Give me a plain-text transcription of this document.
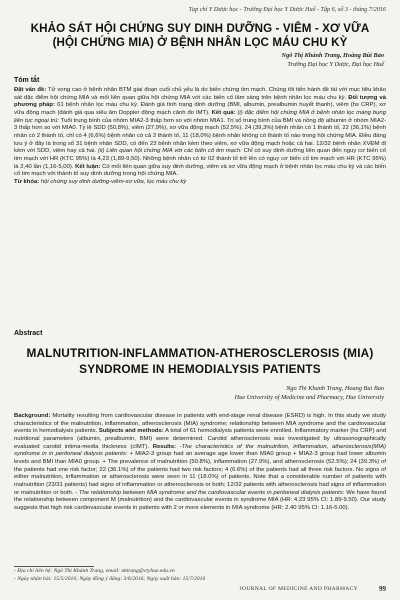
Tạp chí Y Dược học - Trường Đại học Y Dược Huế - Tập 6, số 3 - tháng 7/2016
KHẢO SÁT HỘI CHỨNG SUY DINH DƯỠNG - VIÊM - XƠ VỮA
(HỘI CHỨNG MIA) Ở BỆNH NHÂN LỌC MÁU CHU KỲ
Ngô Thị Khánh Trang, Hoàng Bùi Bảo
Trường Đại học Y Dược, Đại học Huế
Tóm tắt
Đặt vấn đề: Tử vong cao ở bệnh nhân BTM giai đoạn cuối chủ yếu là do biến chứng tim mạch. Chúng tôi tiến hành đề tài với mục tiêu khảo sát đặc điểm hội chứng MIA và mối liên quan giữa hội chứng MIA với các biến cố lâm sàng trên bệnh nhân lọc máu chu kỳ. Đối tượng và phương pháp: 61 bệnh nhân lọc máu chu kỳ. Đánh giá tình trạng dinh dưỡng (BMI, albumin, prealbumin huyết thanh), viêm (hs CRP), xơ vữa động mạch (đánh giá qua siêu âm Doppler động mạch cảnh đo IMT). Kết quả: (i) đặc điểm hội chứng MIA ở bệnh nhân lọc máng bụng liên tục ngoại trú: Tuổi trung bình của nhóm MIA2-3 thấp hơn so với nhóm MIA1. Trị số trung bình của BMI và nồng độ albumin ở nhóm MIA2-3 thấp hơn so với MIA0. Tỷ lệ SDD (50,8%), viêm (27,9%), xơ vữa động mạch (52,5%). 24 (39,3%) bệnh nhân có 1 thành tố, 22 (36,1%) bệnh nhân có 2 thành tố, chỉ có 4 (6,6%) bệnh nhân có cả 3 thành tố, 11 (18,0%) bệnh nhân không có thành tố nào trong hội chứng MIA. Điều đáng lưu ý ở đây là trong số 31 bệnh nhân SDD, có đến 23 bệnh nhân kèm theo viêm, xơ vữa động mạch hoặc cả hai. 12/32 bệnh nhân XVĐM đi kèm với SDD, viêm hay cả hai. (ii) Liên quan hội chứng MIA với các biến cố tim mạch: Chỉ có suy dinh dưỡng liên quan đến nguy cơ biến cố tim mạch với HR (KTC 95%) là 4,23 (1,89-9,50). Những bệnh nhân có từ 02 thành tố trở lên có nguy cơ biến cố tim mạch với HR (KTC 95%) là 2,40 lần (1,16-5,00). Kết luận: Có mối liên quan giữa suy dinh dưỡng, viêm và xơ vữa động mạch ở bệnh nhân lọc máu chu kỳ và các biến cố tim mạch với thành tố suy dinh dưỡng trong hội chứng MIA.
Từ khóa: hội chứng suy dinh dưỡng-viêm-xơ vữa, lọc máu chu kỳ
Abstract
MALNUTRITION-INFLAMMATION-ATHEROSCLEROSIS (MIA)
SYNDROME IN HEMODIALYSIS PATIENTS
Ngo Thi Khanh Trang, Hoang Bui Bao
Hue University of Medicine and Pharmacy, Hue University
Background: Mortality resulting from cardiovascular disease in patients with end-stage renal disease (ESRD) is high. In this study we study characteristics of the malnutrition, inflammation, atherosclerosis (MIA) syndrome; relationship between MIA syndrome and the cardiovascular events in hemodialysis patients. Subjects and methods: A total of 61 hemodialysis patients were enrolled. Inflammatory marker (hs CRP) and nutritional parameters (albumin, prealbumin, BMI) were determined. Carotid atherosclerosis was investigated by ultrasonographically evaluated carotid intima-media thickness (cIMT). Results: -The characteristics of the malnutrition, inflammation, atherosclerosis(MIA) syndrome in in peritoneal dialysis patients: + MIA2-3 group had an average age lower than MIA0 group + MIA2-3 group had lower albumin levels and BMI than MIA0 group. + The prevalence of malnutrition (50.8%), inflammation (27.9%), and atherosclerosis (52.5%); 24 (39.3%) of the patients had one risk factor; 22 (36.1%) of the patients had two risk factors; 4 (6.6%) of the patients had all three risk factors. No signs of either malnutrition, inflammation or atherosclerosis were seen in 11 (18.0%) of patients. Note that a considerable number of patients with malnutrition (23/31 patients) had signs of inflammation or atherosclerosis or both; 12/32 patients with atherosclerosis had signs of inflammation or malnutrition or both. - The relationship between MIA syndrome and the cardiovascular events in peritoneal dialysis patients: We have found the relationship between component M (malnutrition) and the cardiovascular events in syndrome MIA (HR: 4.23 95% CI: 1.89-9.50). Our study suggests that high risk cardiovascular events in patients with 2 or more elements in MIA syndrome (HR: 2.40 95% CI: 1.16-5.00).
- Địa chỉ liên hệ: Ngô Thị Khánh Trang, email: nktrang@ctyhue.edu.vn
- Ngày nhận bài: 15/5/2016; Ngày đồng ý đăng: 3/6/2016; Ngày xuất bản: 15/7/2016
JOURNAL OF MEDICINE AND PHARMACY	99
